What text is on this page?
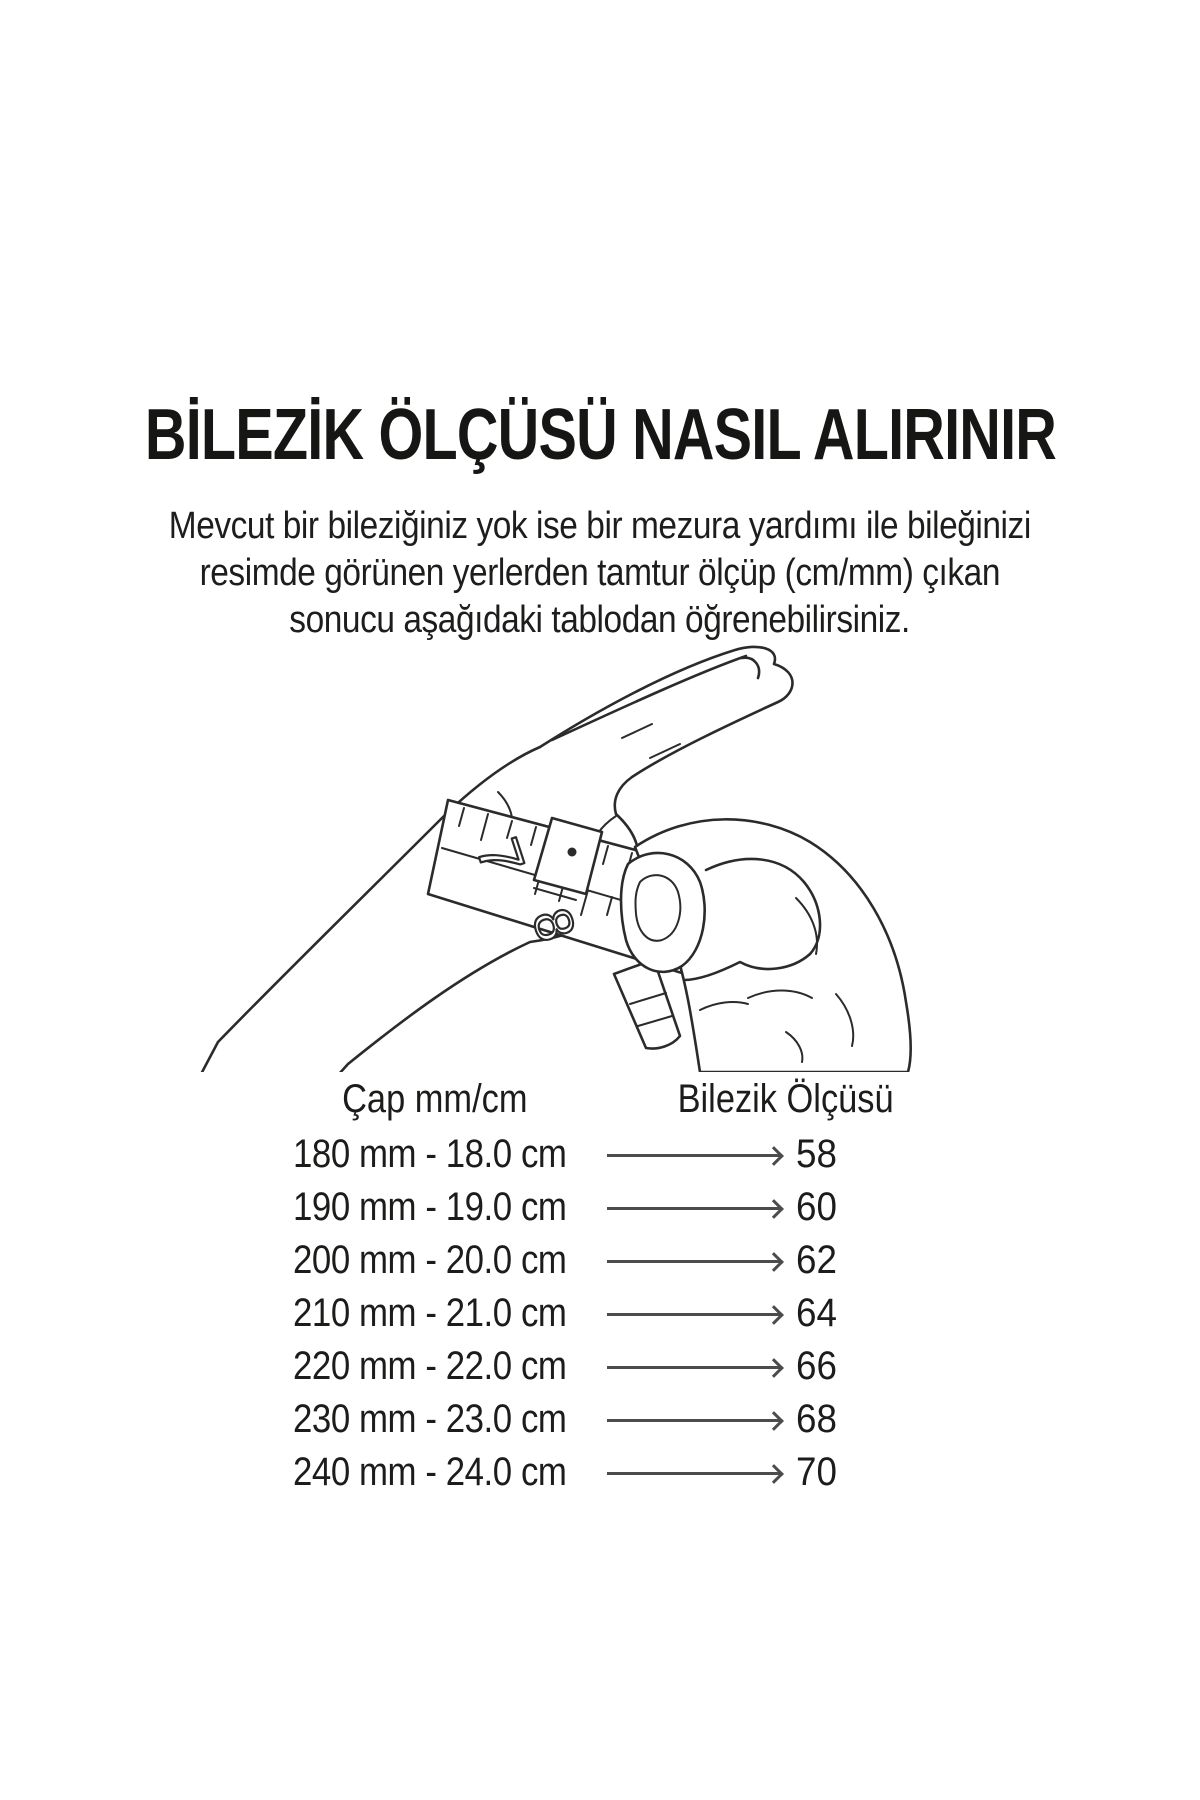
BİLEZİK ÖLÇÜSÜ NASIL ALIRINIR
Mevcut bir bileziğiniz yok ise bir mezura yardımı ile bileğinizi
resimde görünen yerlerden tamtur ölçüp (cm/mm) çıkan
sonucu aşağıdaki tablodan öğrenebilirsiniz.
7
8
Çap mm/cm	Bilezik Ölçüsü
180 mm - 18.0 cm	58
190 mm - 19.0 cm	60
200 mm - 20.0 cm	62
210 mm - 21.0 cm	64
220 mm - 22.0 cm	66
230 mm - 23.0 cm	68
240 mm - 24.0 cm	70
